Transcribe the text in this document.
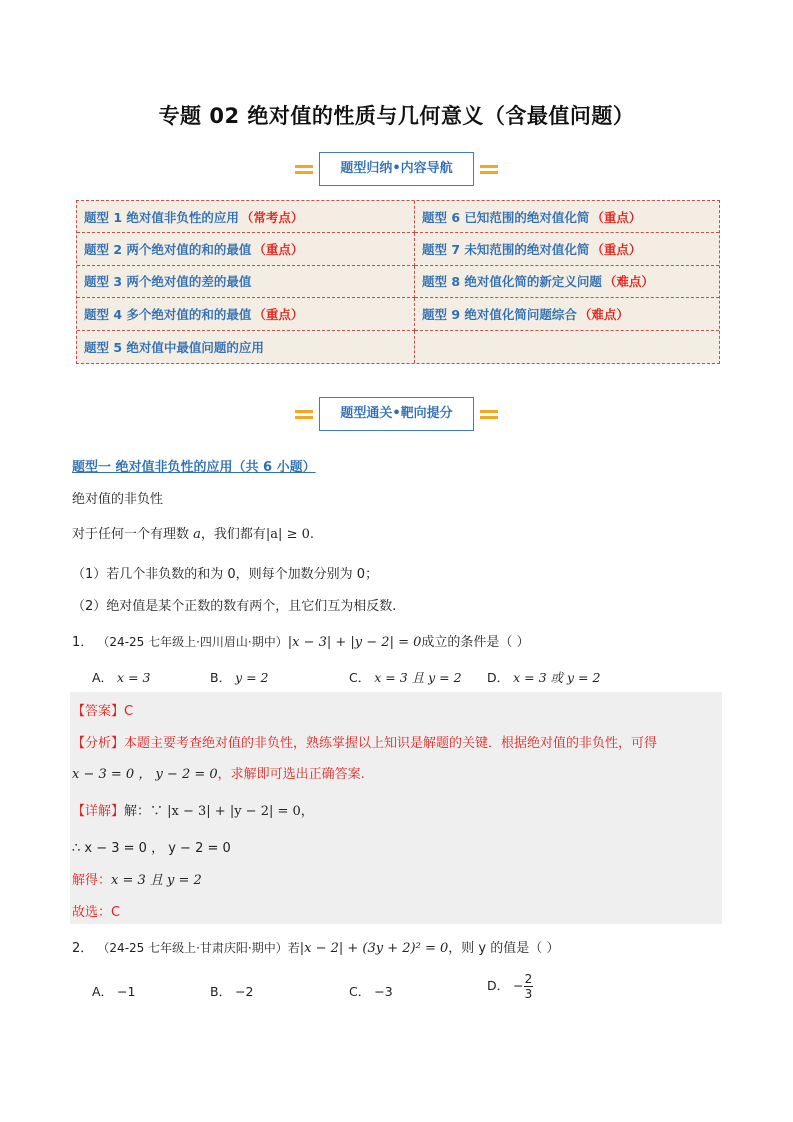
专题 02 绝对值的性质与几何意义（含最值问题）
题型归纳•内容导航
题型 1 绝对值非负性的应用 （常考点）	题型 6 已知范围的绝对值化简 （重点）
题型 2 两个绝对值的和的最值 （重点）	题型 7 未知范围的绝对值化简 （重点）
题型 3 两个绝对值的差的最值	题型 8 绝对值化简的新定义问题 （难点）
题型 4 多个绝对值的和的最值 （重点）	题型 9 绝对值化简问题综合 （难点）
题型 5 绝对值中最值问题的应用
题型通关•靶向提分
题型一 绝对值非负性的应用（共 6 小题）
绝对值的非负性
对于任何一个有理数 a，我们都有|a| ≥ 0.
（1）若几个非负数的和为 0，则每个加数分别为 0；
（2）绝对值是某个正数的数有两个，且它们互为相反数.
1． （24-25 七年级上·四川眉山·期中）|x − 3| + |y − 2| = 0成立的条件是（ ）
A． x = 3	B． y = 2	C． x = 3 且 y = 2 D． x = 3 或 y = 2
【答案】C
【分析】本题主要考查绝对值的非负性，熟练掌握以上知识是解题的关键．根据绝对值的非负性，可得
x − 3 = 0 ， y − 2 = 0，求解即可选出正确答案.
【详解】解：∵ |x − 3| + |y − 2| = 0，
∴ x − 3 = 0 ， y − 2 = 0
解得：x = 3 且 y = 2
故选：C
2． （24-25 七年级上·甘肃庆阳·期中）若|x − 2| + (3y + 2)² = 0，则 y 的值是（ ）
A． −1	B． −2	C． −3	D． − $\frac{2}{3}$
